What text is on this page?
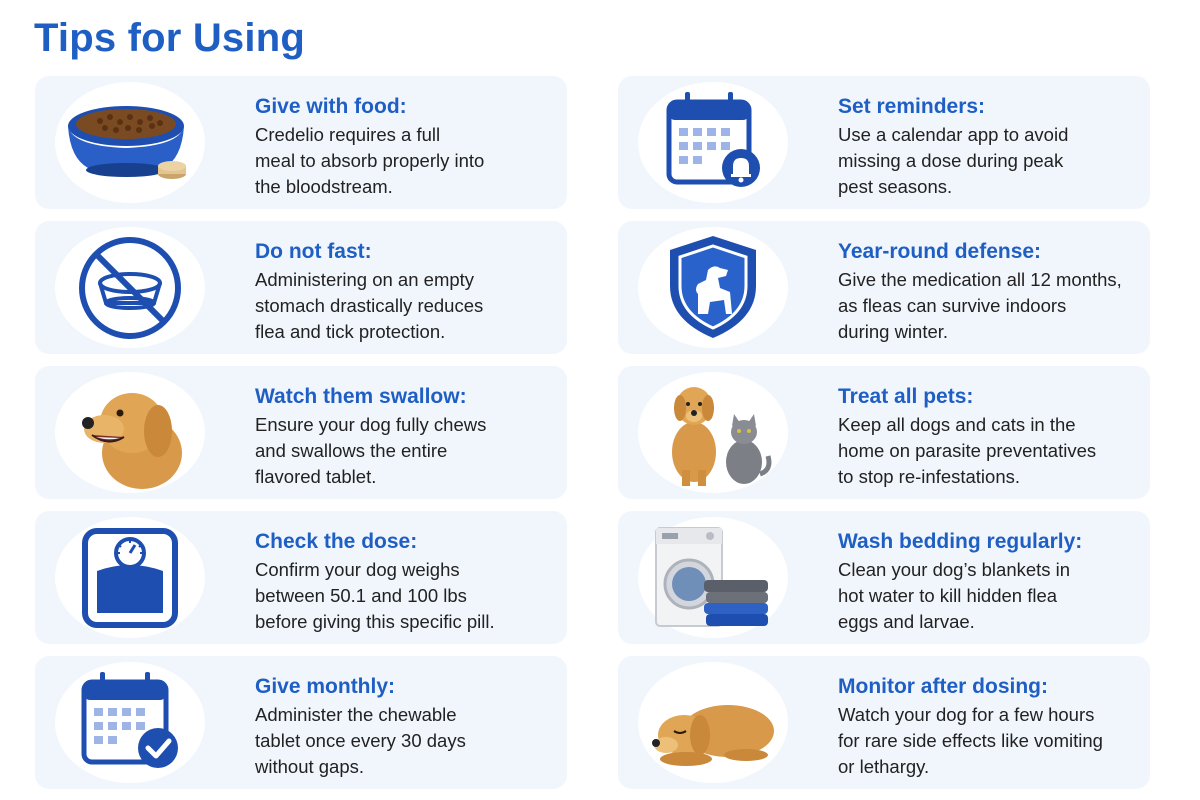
Tips for Using
Give with food:
Credelio requires a full
meal to absorb properly into
the bloodstream.
Do not fast:
Administering on an empty
stomach drastically reduces
flea and tick protection.
Watch them swallow:
Ensure your dog fully chews
and swallows the entire
flavored tablet.
Check the dose:
Confirm your dog weighs
between 50.1 and 100 lbs
before giving this specific pill.
Give monthly:
Administer the chewable
tablet once every 30 days
without gaps.
Set reminders:
Use a calendar app to avoid
missing a dose during peak
pest seasons.
Year-round defense:
Give the medication all 12 months,
as fleas can survive indoors
during winter.
Treat all pets:
Keep all dogs and cats in the
home on parasite preventatives
to stop re-infestations.
Wash bedding regularly:
Clean your dog’s blankets in
hot water to kill hidden flea
eggs and larvae.
Monitor after dosing:
Watch your dog for a few hours
for rare side effects like vomiting
or lethargy.
